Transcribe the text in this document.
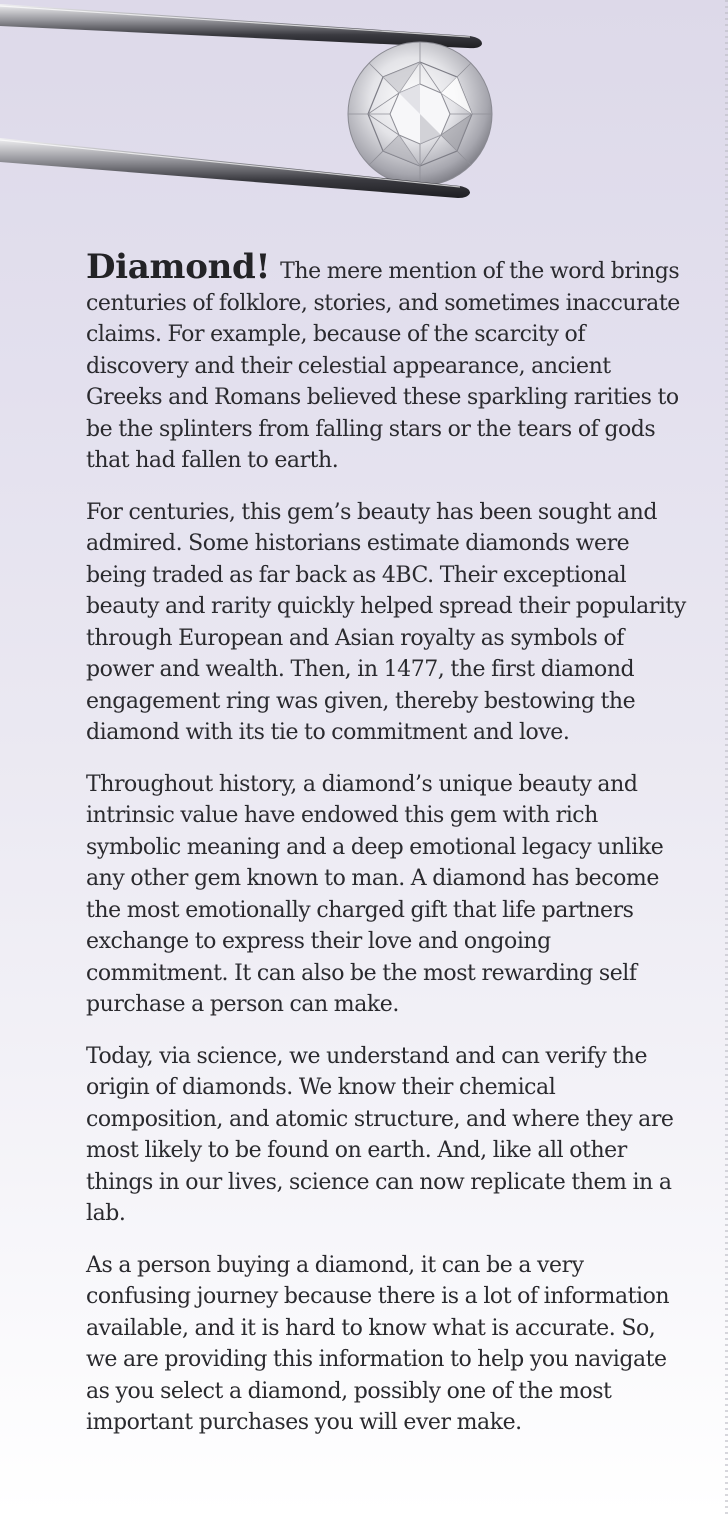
Diamond! The mere mention of the word brings centuries of folklore, stories, and sometimes inaccurate claims. For example, because of the scarcity of discovery and their celestial appearance, ancient Greeks and Romans believed these sparkling rarities to be the splinters from falling stars or the tears of gods that had fallen to earth.

For centuries, this gem’s beauty has been sought and admired. Some historians estimate diamonds were being traded as far back as 4BC. Their exceptional beauty and rarity quickly helped spread their popularity through European and Asian royalty as symbols of power and wealth. Then, in 1477, the first diamond engagement ring was given, thereby bestowing the diamond with its tie to commitment and love.

Throughout history, a diamond’s unique beauty and intrinsic value have endowed this gem with rich symbolic meaning and a deep emotional legacy unlike any other gem known to man. A diamond has become the most emotionally charged gift that life partners exchange to express their love and ongoing commitment. It can also be the most rewarding self purchase a person can make.

Today, via science, we understand and can verify the origin of diamonds. We know their chemical composition, and atomic structure, and where they are most likely to be found on earth. And, like all other things in our lives, science can now replicate them in a lab.

As a person buying a diamond, it can be a very confusing journey because there is a lot of information available, and it is hard to know what is accurate. So, we are providing this information to help you navigate as you select a diamond, possibly one of the most important purchases you will ever make.
